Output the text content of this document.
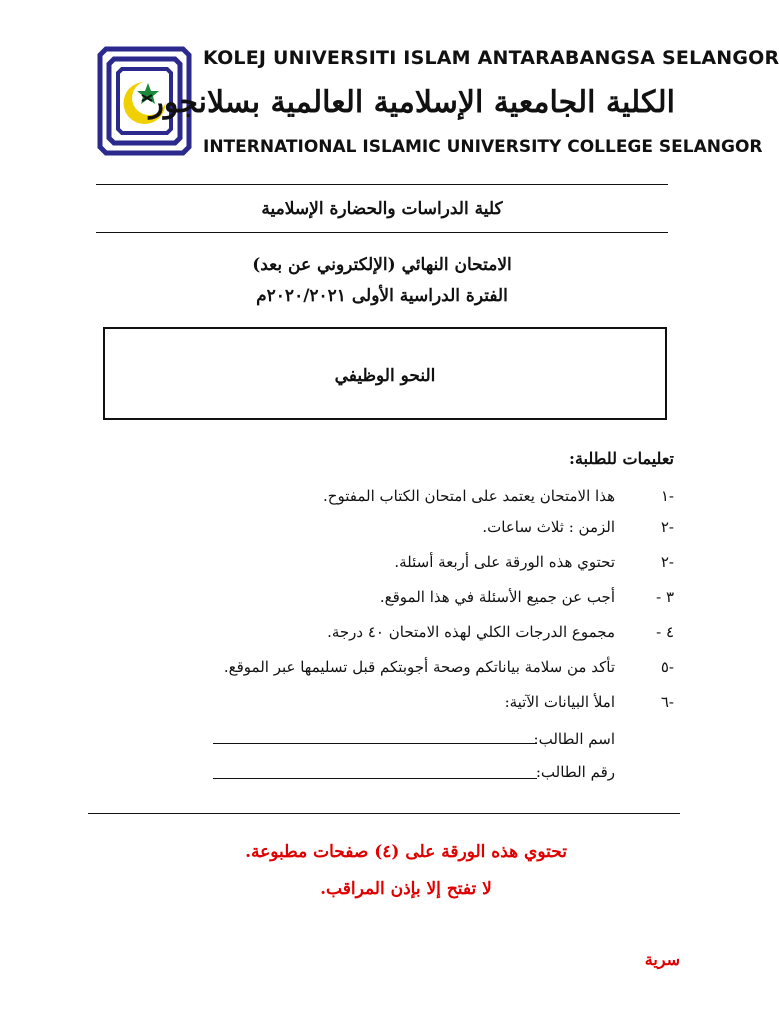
KOLEJ UNIVERSITI ISLAM ANTARABANGSA SELANGOR
الكلية الجامعية الإسلامية العالمية بسلانجور
INTERNATIONAL ISLAMIC UNIVERSITY COLLEGE SELANGOR
كلية الدراسات والحضارة الإسلامية
الامتحان النهائي (الإلكتروني عن بعد)
الفترة الدراسية الأولى ٢٠٢٠/٢٠٢١م
النحو الوظيفي
تعليمات للطلبة:
-١
هذا الامتحان يعتمد على امتحان الكتاب المفتوح.
-٢
الزمن : ثلاث ساعات.
-٢
تحتوي هذه الورقة على أربعة أسئلة.
٣ -
أجب عن جميع الأسئلة في هذا الموقع.
٤ -
مجموع الدرجات الكلي لهذه الامتحان ٤٠ درجة.
-٥
تأكد من سلامة بياناتكم وصحة أجوبتكم قبل تسليمها عبر الموقع.
-٦
املأ البيانات الآتية:
اسم الطالب:
رقم الطالب:
تحتوي هذه الورقة على (٤) صفحات مطبوعة.
لا تفتح إلا بإذن المراقب.
سرية
